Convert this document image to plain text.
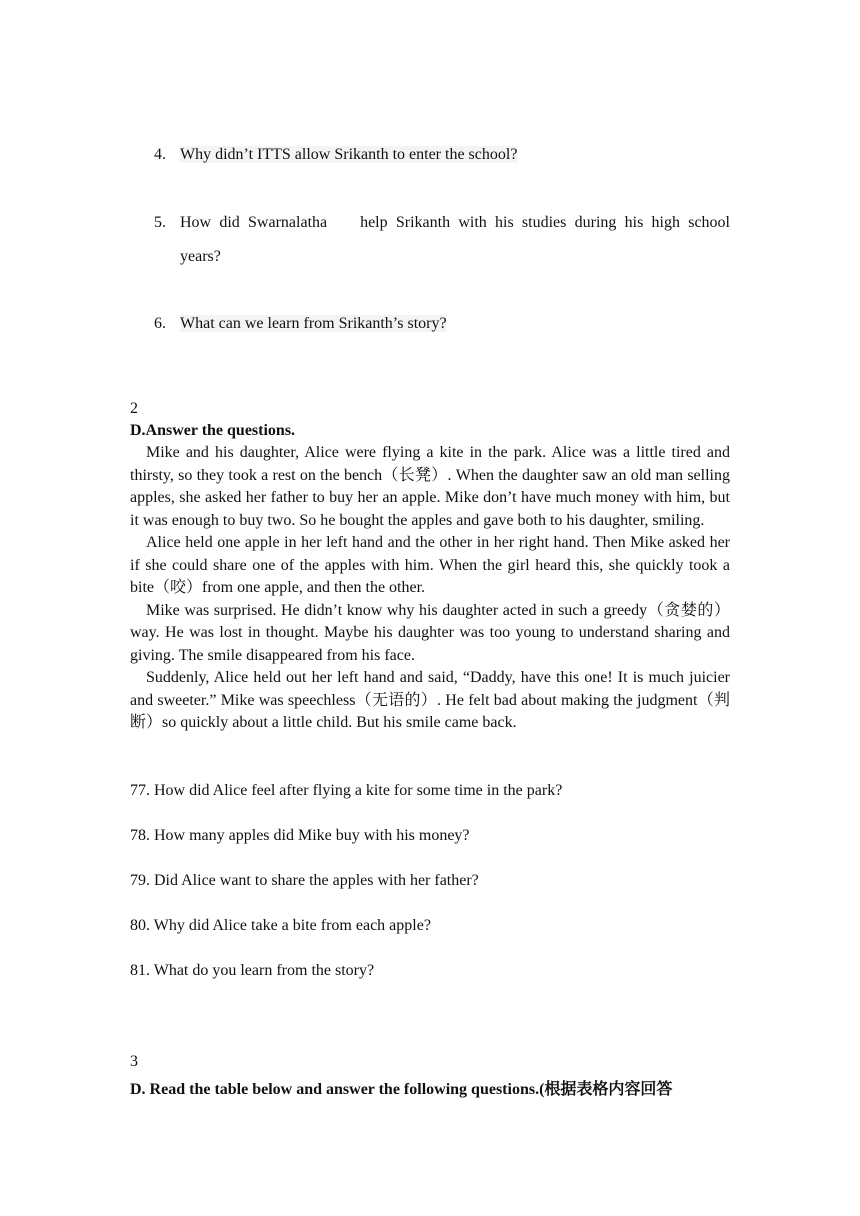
4. Why didn’t ITTS allow Srikanth to enter the school?
5. How did Swarnalatha    help Srikanth with his studies during his high school
years?
6. What can we learn from Srikanth’s story?
2
D.Answer the questions.

Mike and his daughter, Alice were flying a kite in the park. Alice was a little tired and thirsty, so they took a rest on the bench（长凳）. When the daughter saw an old man selling apples, she asked her father to buy her an apple. Mike don’t have much money with him, but it was enough to buy two. So he bought the apples and gave both to his daughter, smiling.

Alice held one apple in her left hand and the other in her right hand. Then Mike asked her if she could share one of the apples with him. When the girl heard this, she quickly took a bite（咬）from one apple, and then the other.

Mike was surprised. He didn’t know why his daughter acted in such a greedy（贪婪的）way. He was lost in thought. Maybe his daughter was too young to understand sharing and giving. The smile disappeared from his face.

Suddenly, Alice held out her left hand and said, “Daddy, have this one! It is much juicier and sweeter.” Mike was speechless（无语的）. He felt bad about making the judgment（判断）so quickly about a little child. But his smile came back.

77. How did Alice feel after flying a kite for some time in the park?
78. How many apples did Mike buy with his money?
79. Did Alice want to share the apples with her father?
80. Why did Alice take a bite from each apple?
81. What do you learn from the story?
3
D. Read the table below and answer the following questions.(根据表格内容回答
